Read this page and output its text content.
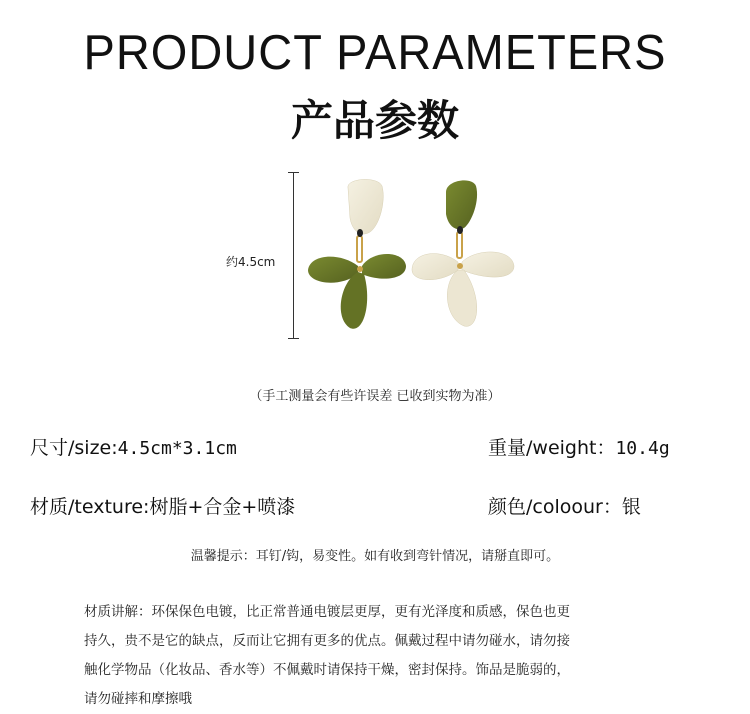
PRODUCT PARAMETERS
产品参数
约4.5cm
（手工测量会有些许误差 已收到实物为准）
尺寸/size:4.5cm*3.1cm	重量/weight：10.4g
材质/texture:树脂+合金+喷漆	颜色/coloour：银
温馨提示：耳钉/钩，易变性。如有收到弯针情况，请掰直即可。
材质讲解：环保保色电镀，比正常普通电镀层更厚，更有光泽度和质感，保色也更
持久，贵不是它的缺点，反而让它拥有更多的优点。佩戴过程中请勿碰水，请勿接
触化学物品（化妆品、香水等）不佩戴时请保持干燥，密封保持。饰品是脆弱的，
请勿碰摔和摩擦哦
